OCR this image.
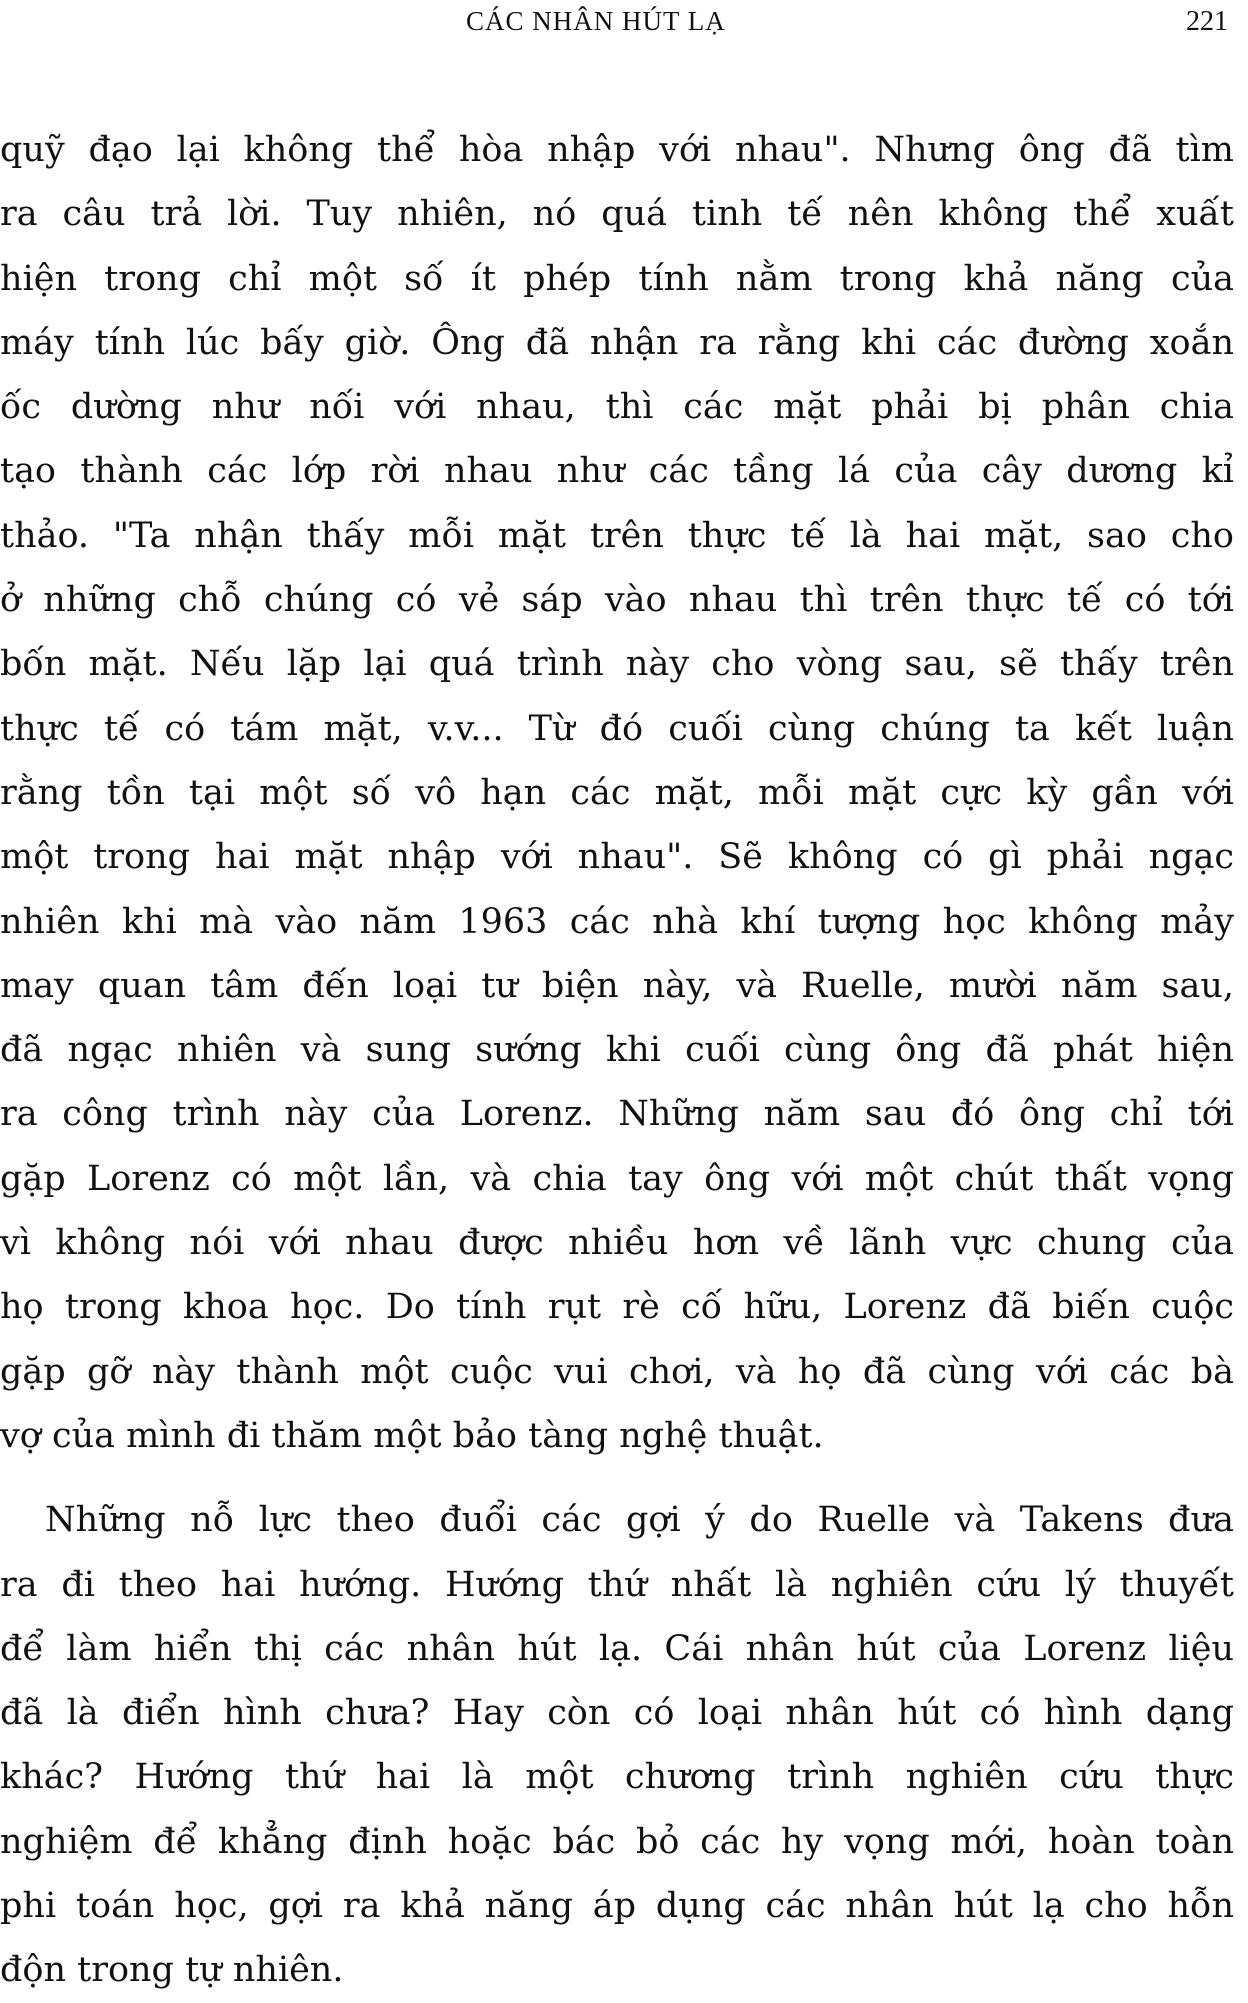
CÁC NHÂN HÚT LẠ	221
quỹ đạo lại không thể hòa nhập với nhau". Nhưng ông đã tìm
ra câu trả lời. Tuy nhiên, nó quá tinh tế nên không thể xuất
hiện trong chỉ một số ít phép tính nằm trong khả năng của
máy tính lúc bấy giờ. Ông đã nhận ra rằng khi các đường xoắn
ốc dường như nối với nhau, thì các mặt phải bị phân chia
tạo thành các lớp rời nhau như các tầng lá của cây dương kỉ
thảo. "Ta nhận thấy mỗi mặt trên thực tế là hai mặt, sao cho
ở những chỗ chúng có vẻ sáp vào nhau thì trên thực tế có tới
bốn mặt. Nếu lặp lại quá trình này cho vòng sau, sẽ thấy trên
thực tế có tám mặt, v.v... Từ đó cuối cùng chúng ta kết luận
rằng tồn tại một số vô hạn các mặt, mỗi mặt cực kỳ gần với
một trong hai mặt nhập với nhau". Sẽ không có gì phải ngạc
nhiên khi mà vào năm 1963 các nhà khí tượng học không mảy
may quan tâm đến loại tư biện này, và Ruelle, mười năm sau,
đã ngạc nhiên và sung sướng khi cuối cùng ông đã phát hiện
ra công trình này của Lorenz. Những năm sau đó ông chỉ tới
gặp Lorenz có một lần, và chia tay ông với một chút thất vọng
vì không nói với nhau được nhiều hơn về lãnh vực chung của
họ trong khoa học. Do tính rụt rè cố hữu, Lorenz đã biến cuộc
gặp gỡ này thành một cuộc vui chơi, và họ đã cùng với các bà
vợ của mình đi thăm một bảo tàng nghệ thuật.
Những nỗ lực theo đuổi các gợi ý do Ruelle và Takens đưa
ra đi theo hai hướng. Hướng thứ nhất là nghiên cứu lý thuyết
để làm hiển thị các nhân hút lạ. Cái nhân hút của Lorenz liệu
đã là điển hình chưa? Hay còn có loại nhân hút có hình dạng
khác? Hướng thứ hai là một chương trình nghiên cứu thực
nghiệm để khẳng định hoặc bác bỏ các hy vọng mới, hoàn toàn
phi toán học, gợi ra khả năng áp dụng các nhân hút lạ cho hỗn
độn trong tự nhiên.
